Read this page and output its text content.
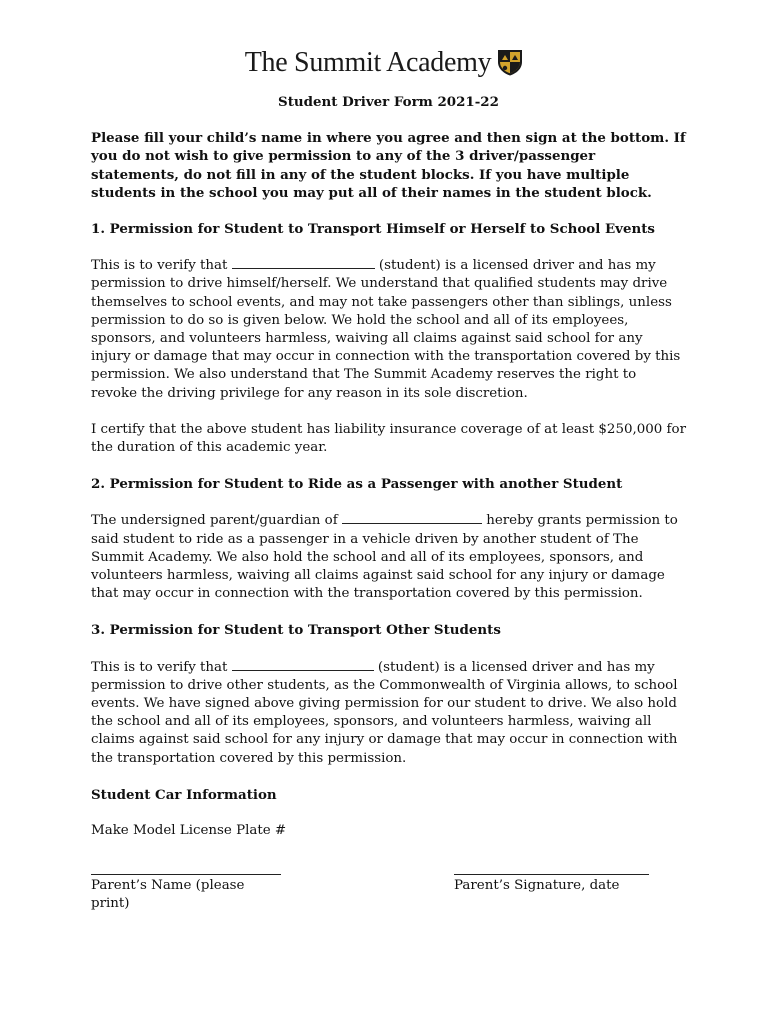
The Summit Academy
Student Driver Form 2021-22
Please fill your child’s name in where you agree and then sign at the bottom. If you do not wish to give permission to any of the 3 driver/passenger statements, do not fill in any of the student blocks. If you have multiple students in the school you may put all of their names in the student block.
1. Permission for Student to Transport Himself or Herself to School Events

This is to verify that	(student) is a licensed driver and has my permission to drive himself/herself. We understand that qualified students may drive themselves to school events, and may not take passengers other than siblings, unless permission to do so is given below. We hold the school and all of its employees, sponsors, and volunteers harmless, waiving all claims against said school for any injury or damage that may occur in connection with the transportation covered by this permission. We also understand that The Summit Academy reserves the right to revoke the driving privilege for any reason in its sole discretion.

I certify that the above student has liability insurance coverage of at least $250,000 for the duration of this academic year.

2. Permission for Student to Ride as a Passenger with another Student

The undersigned parent/guardian of	hereby grants permission to said student to ride as a passenger in a vehicle driven by another student of The Summit Academy. We also hold the school and all of its employees, sponsors, and volunteers harmless, waiving all claims against said school for any injury or damage that may occur in connection with the transportation covered by this permission.

3. Permission for Student to Transport Other Students

This is to verify that	(student) is a licensed driver and has my permission to drive other students, as the Commonwealth of Virginia allows, to school events. We have signed above giving permission for our student to drive. We also hold the school and all of its employees, sponsors, and volunteers harmless, waiving all claims against said school for any injury or damage that may occur in connection with the transportation covered by this permission.

Student Car Information
Make Model License Plate #
Parent’s Name (please print)
Parent’s Signature, date
